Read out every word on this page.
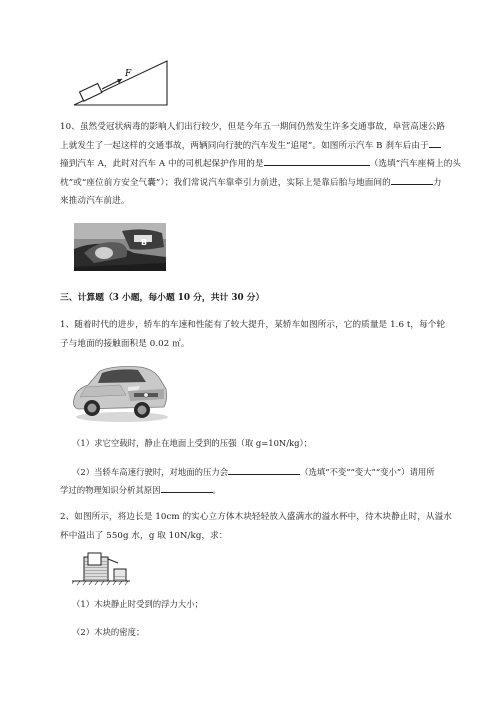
F
10、虽然受冠状病毒的影响人们出行较少，但是今年五一期间仍然发生许多交通事故，阜营高速公路
上就发生了一起这样的交通事故，两辆同向行驶的汽车发生“追尾”。如图所示汽车 B 刹车后由于
撞到汽车 A，此时对汽车 A 中的司机起保护作用的是	（选填“汽车座椅上的头
枕”或“座位前方安全气囊”）；我们常说汽车靠牵引力前进，实际上是靠后胎与地面间的	力
来推动汽车前进。
B
三、计算题（3 小题，每小题 10 分，共计 30 分）
1、随着时代的进步，轿车的车速和性能有了较大提升，某轿车如图所示，它的质量是 1.6 t，每个轮
子与地面的接触面积是 0.02 ㎡。
（1）求它空载时，静止在地面上受到的压强（取 g=10N/kg）；
（2）当轿车高速行驶时，对地面的压力会	（选填“不变”“变大”“变小”）请用所
学过的物理知识分析其原因	。
2、如图所示，将边长是 10cm 的实心立方体木块轻轻放入盛满水的溢水杯中，待木块静止时，从溢水
杯中溢出了 550g 水，g 取 10N/kg，求：
（1）木块静止时受到的浮力大小；
（2）木块的密度；
